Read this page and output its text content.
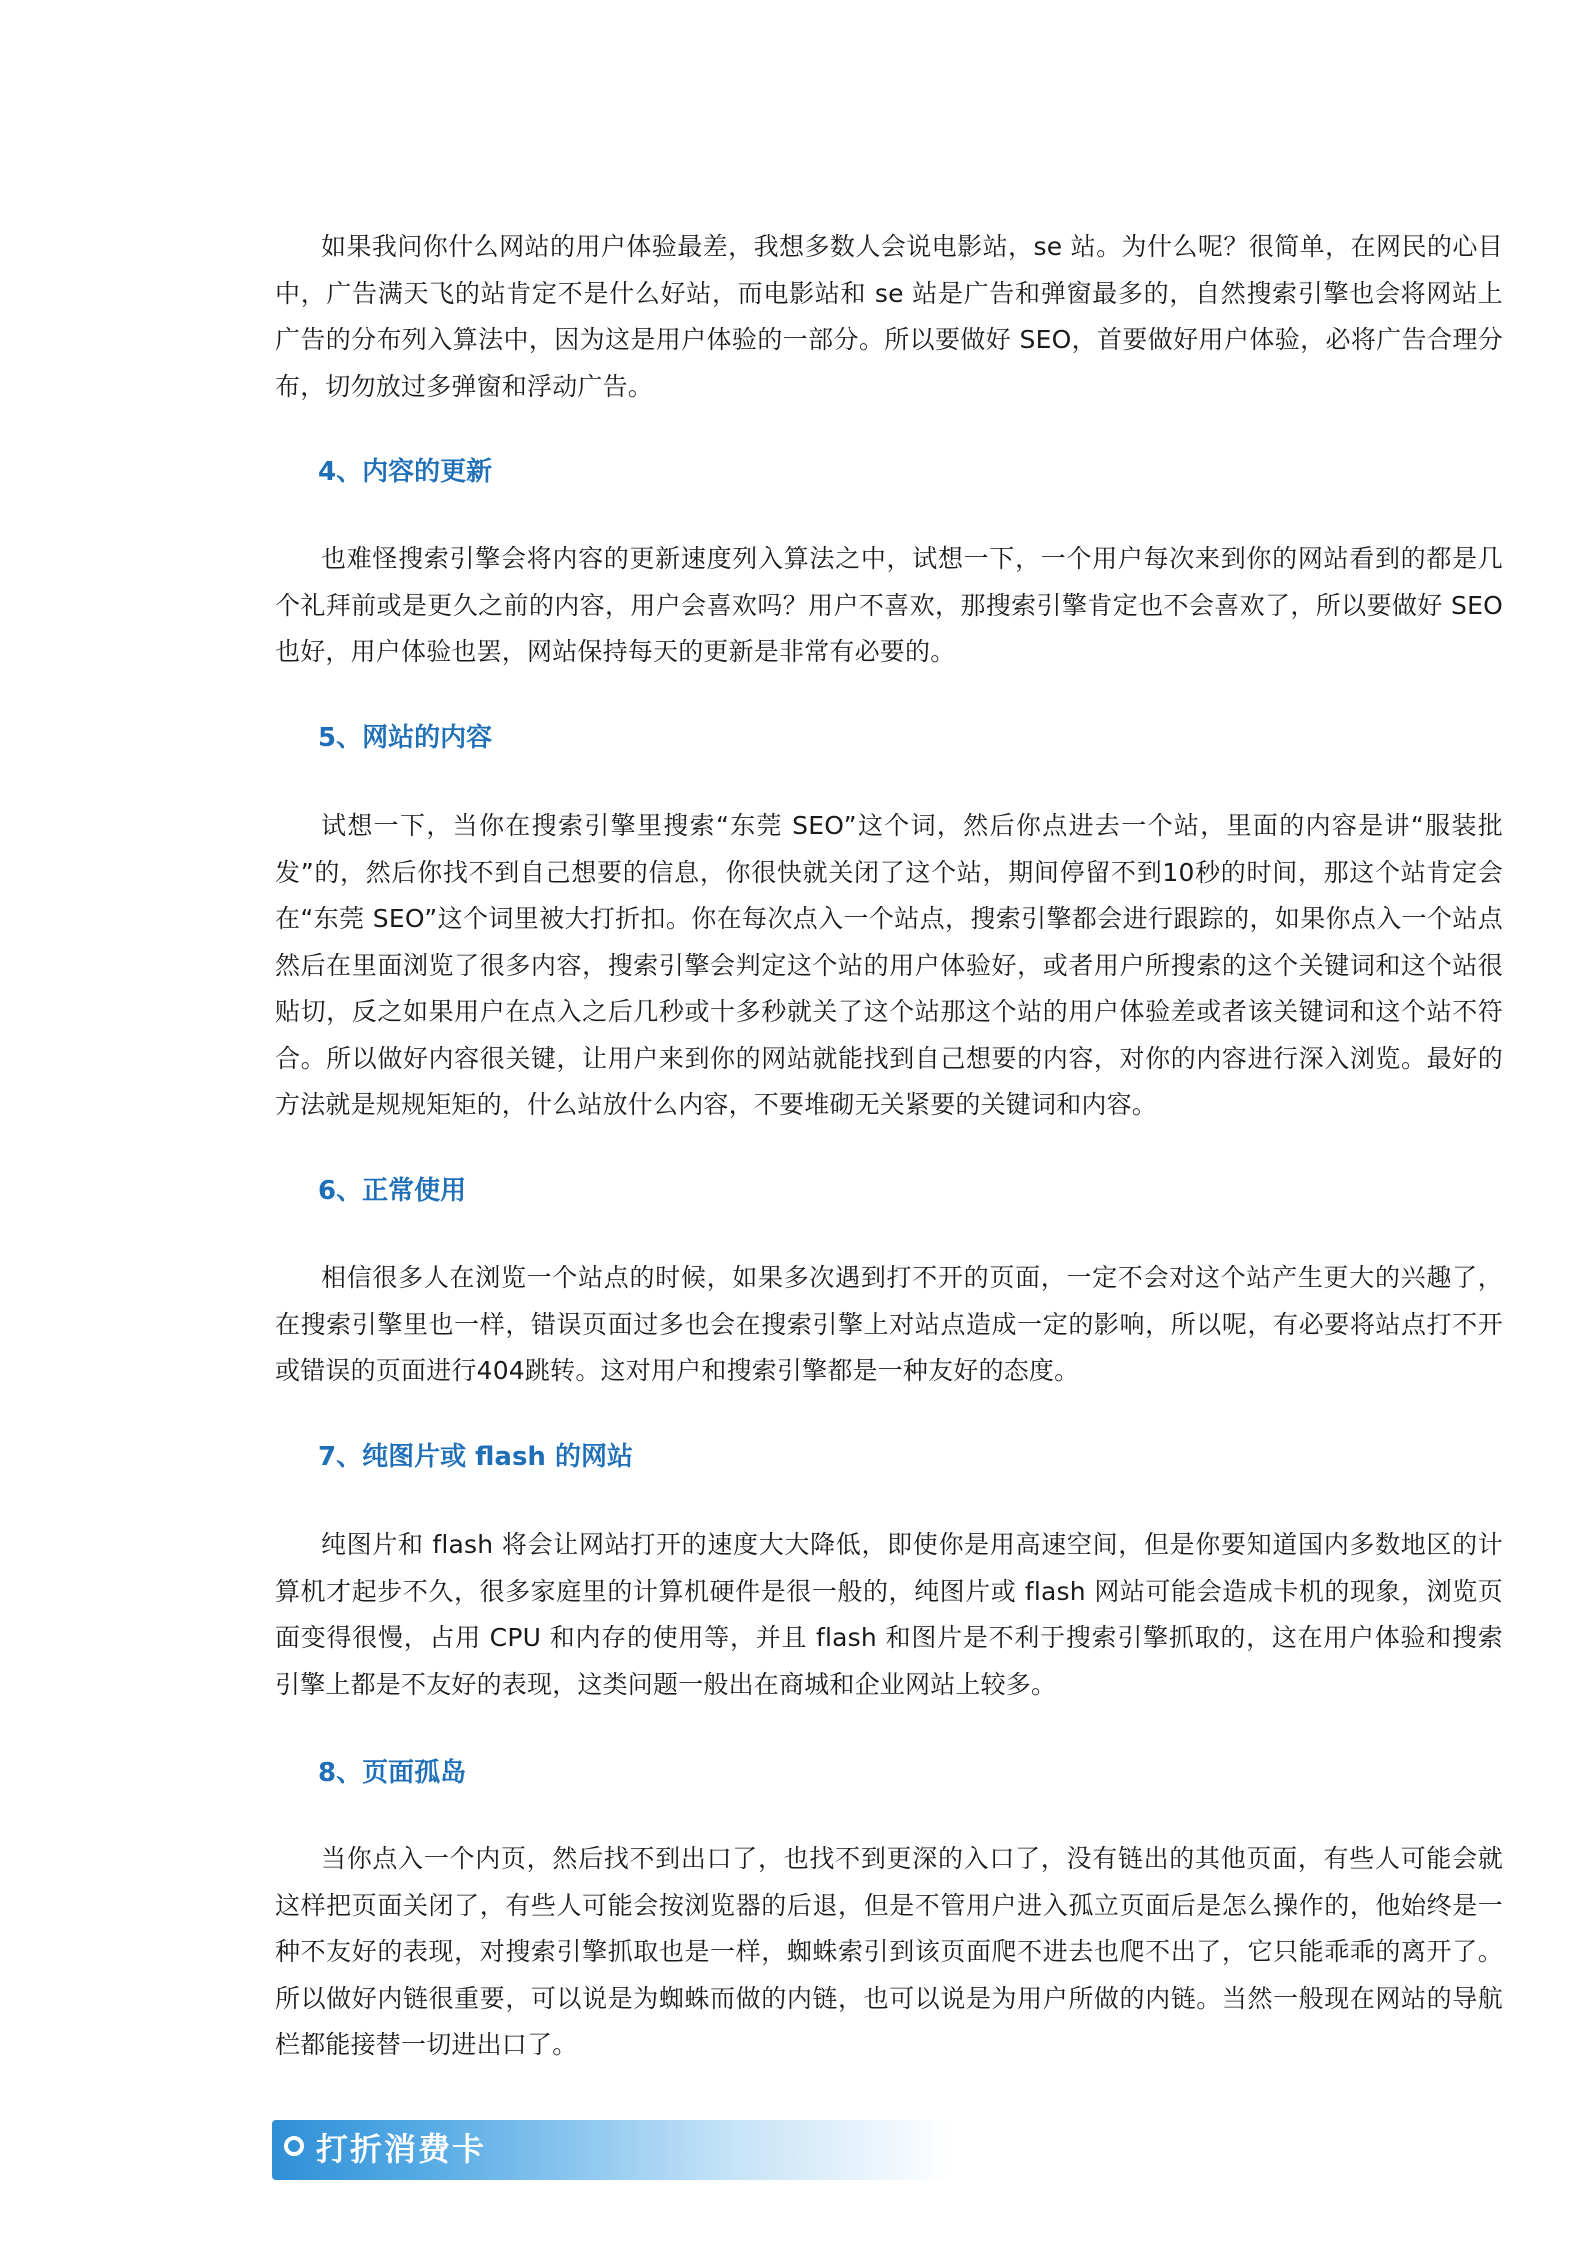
如果我问你什么网站的用户体验最差，我想多数人会说电影站，se 站。为什么呢？很简单，在网民的心目中，广告满天飞的站肯定不是什么好站，而电影站和 se 站是广告和弹窗最多的，自然搜索引擎也会将网站上广告的分布列入算法中，因为这是用户体验的一部分。所以要做好 SEO，首要做好用户体验，必将广告合理分布，切勿放过多弹窗和浮动广告。

4、内容的更新

也难怪搜索引擎会将内容的更新速度列入算法之中，试想一下，一个用户每次来到你的网站看到的都是几个礼拜前或是更久之前的内容，用户会喜欢吗？用户不喜欢，那搜索引擎肯定也不会喜欢了，所以要做好 SEO 也好，用户体验也罢，网站保持每天的更新是非常有必要的。

5、网站的内容

试想一下，当你在搜索引擎里搜索“东莞 SEO”这个词，然后你点进去一个站，里面的内容是讲“服装批发”的，然后你找不到自己想要的信息，你很快就关闭了这个站，期间停留不到10秒的时间，那这个站肯定会在“东莞 SEO”这个词里被大打折扣。你在每次点入一个站点，搜索引擎都会进行跟踪的，如果你点入一个站点然后在里面浏览了很多内容，搜索引擎会判定这个站的用户体验好，或者用户所搜索的这个关键词和这个站很贴切，反之如果用户在点入之后几秒或十多秒就关了这个站那这个站的用户体验差或者该关键词和这个站不符合。所以做好内容很关键，让用户来到你的网站就能找到自己想要的内容，对你的内容进行深入浏览。最好的方法就是规规矩矩的，什么站放什么内容，不要堆砌无关紧要的关键词和内容。

6、正常使用

相信很多人在浏览一个站点的时候，如果多次遇到打不开的页面，一定不会对这个站产生更大的兴趣了，在搜索引擎里也一样，错误页面过多也会在搜索引擎上对站点造成一定的影响，所以呢，有必要将站点打不开或错误的页面进行404跳转。这对用户和搜索引擎都是一种友好的态度。

7、纯图片或 flash 的网站

纯图片和 flash 将会让网站打开的速度大大降低，即使你是用高速空间，但是你要知道国内多数地区的计算机才起步不久，很多家庭里的计算机硬件是很一般的，纯图片或 flash 网站可能会造成卡机的现象，浏览页面变得很慢，占用 CPU 和内存的使用等，并且 flash 和图片是不利于搜索引擎抓取的，这在用户体验和搜索引擎上都是不友好的表现，这类问题一般出在商城和企业网站上较多。

8、页面孤岛

当你点入一个内页，然后找不到出口了，也找不到更深的入口了，没有链出的其他页面，有些人可能会就这样把页面关闭了，有些人可能会按浏览器的后退，但是不管用户进入孤立页面后是怎么操作的，他始终是一种不友好的表现，对搜索引擎抓取也是一样，蜘蛛索引到该页面爬不进去也爬不出了，它只能乖乖的离开了。所以做好内链很重要，可以说是为蜘蛛而做的内链，也可以说是为用户所做的内链。当然一般现在网站的导航栏都能接替一切进出口了。

打折消费卡
